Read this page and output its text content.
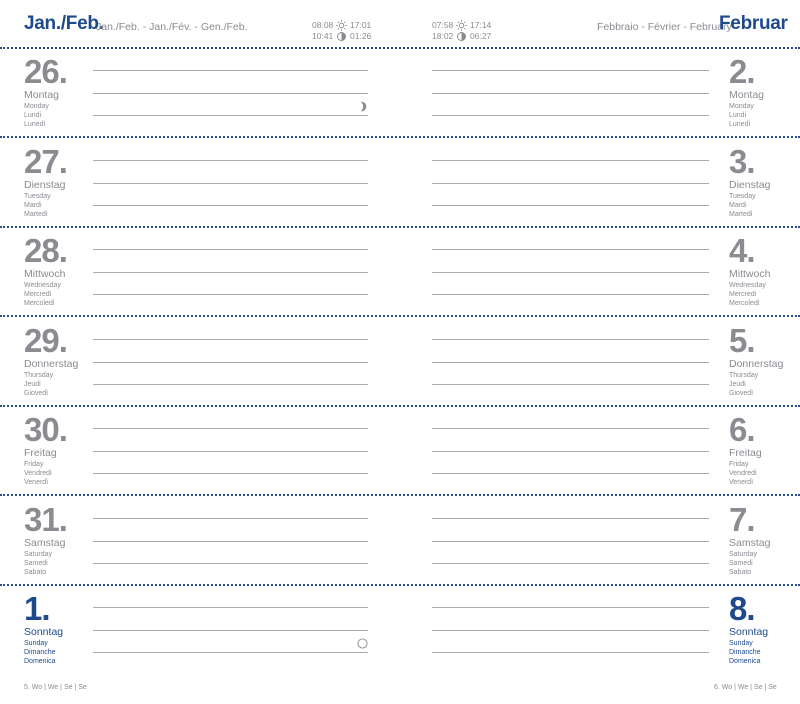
Jan./Feb.
Jan./Feb. - Jan./Fév. - Gen./Feb.	08:08 17:01
10:41 01:26
07:58 17:14
18:02 06:27
Febbraio - Février - February
Februar
26.
Montag
Monday
Lundi
Lunedì
2.
Montag
Monday
Lundi
Lunedì
27.
Dienstag
Tuesday
Mardi
Martedì
3.
Dienstag
Tuesday
Mardi
Martedì
28.
Mittwoch
Wednesday
Mercredi
Mercoledì
4.
Mittwoch
Wednesday
Mercredi
Mercoledì
29.
Donnerstag
Thursday
Jeudi
Giovedì
5.
Donnerstag
Thursday
Jeudi
Giovedì
30.
Freitag
Friday
Vendredi
Venerdì
6.
Freitag
Friday
Vendredi
Venerdì
31.
Samstag
Saturday
Samedi
Sabato
7.
Samstag
Saturday
Samedi
Sabato
1.
Sonntag
Sunday
Dimanche
Domenica
8.
Sonntag
Sunday
Dimanche
Domenica
5. Wo | We | Se | Se	6. Wo | We | Se | Se
